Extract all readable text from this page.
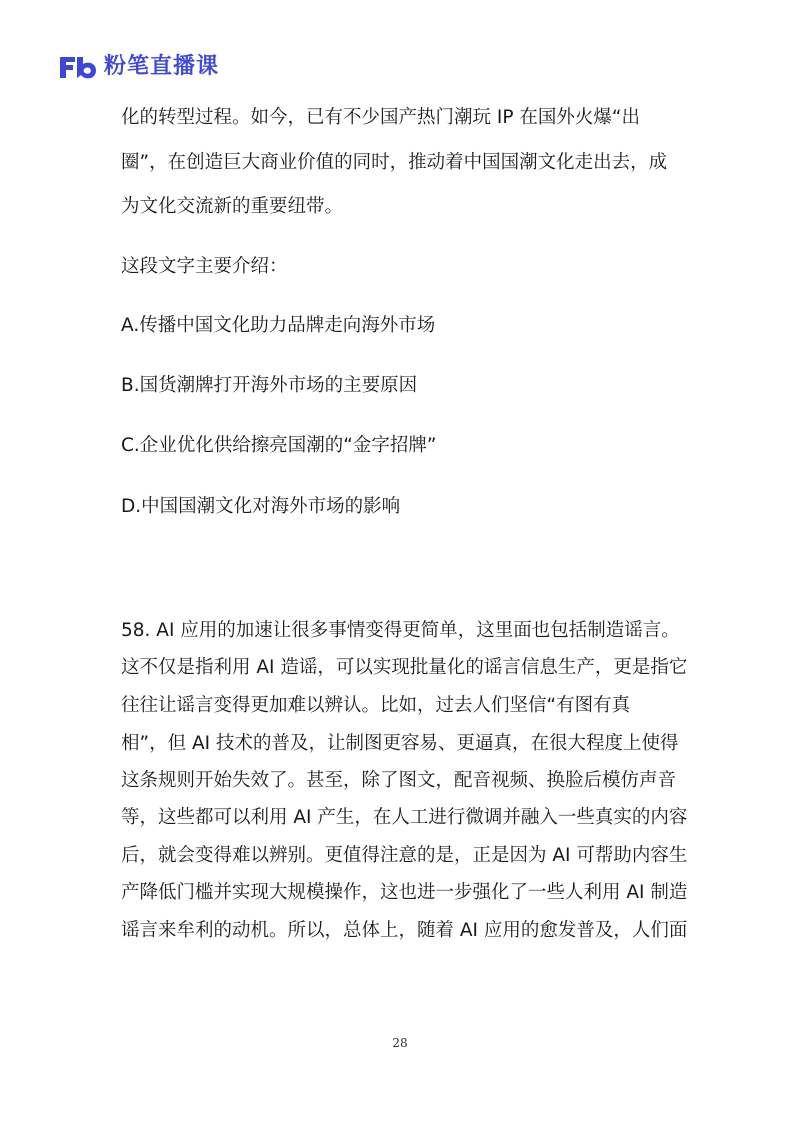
粉笔直播课
化的转型过程。如今，已有不少国产热门潮玩 IP 在国外火爆“出
圈”，在创造巨大商业价值的同时，推动着中国国潮文化走出去，成
为文化交流新的重要纽带。
这段文字主要介绍：
A.传播中国文化助力品牌走向海外市场
B.国货潮牌打开海外市场的主要原因
C.企业优化供给擦亮国潮的“金字招牌”
D.中国国潮文化对海外市场的影响
58. AI 应用的加速让很多事情变得更简单，这里面也包括制造谣言。
这不仅是指利用 AI 造谣，可以实现批量化的谣言信息生产，更是指它
往往让谣言变得更加难以辨认。比如，过去人们坚信“有图有真
相”，但 AI 技术的普及，让制图更容易、更逼真，在很大程度上使得
这条规则开始失效了。甚至，除了图文，配音视频、换脸后模仿声音
等，这些都可以利用 AI 产生，在人工进行微调并融入一些真实的内容
后，就会变得难以辨别。更值得注意的是，正是因为 AI 可帮助内容生
产降低门槛并实现大规模操作，这也进一步强化了一些人利用 AI 制造
谣言来牟利的动机。所以，总体上，随着 AI 应用的愈发普及，人们面
28
